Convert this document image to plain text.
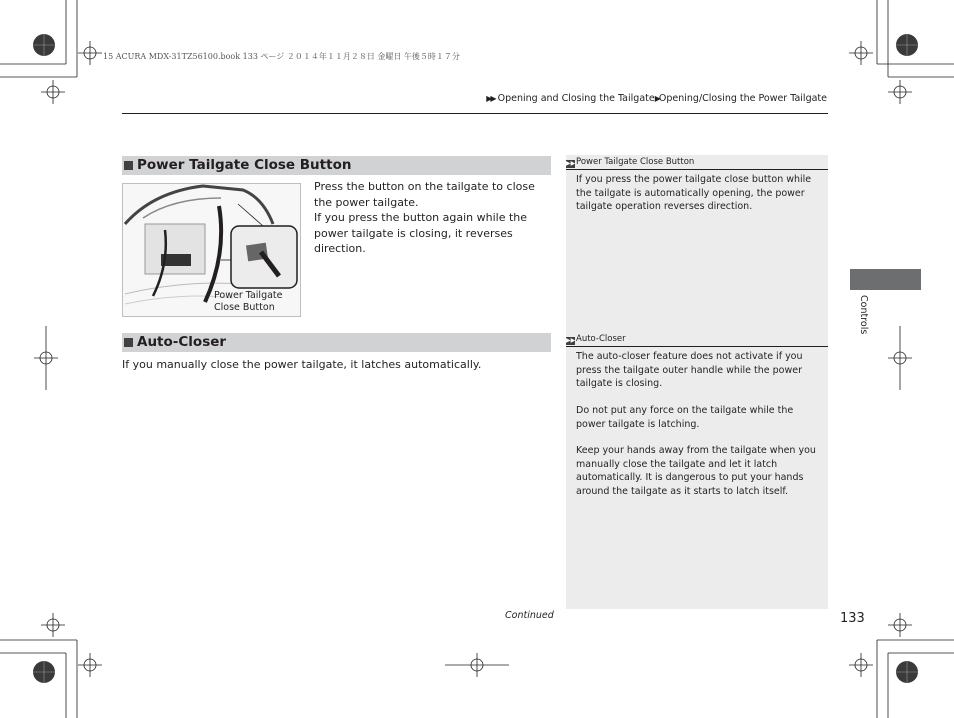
15 ACURA MDX-31TZ56100.book 133 ページ ２０１４年１１月２８日 金曜日 午後５時１７分
▶▶ Opening and Closing the Tailgate▶Opening/Closing the Power Tailgate
Power Tailgate Close Button
Power Tailgate Close Button
Press the button on the tailgate to close the power tailgate.
If you press the button again while the power tailgate is closing, it reverses direction.
Auto-Closer
If you manually close the power tailgate, it latches automatically.
▶▶Power Tailgate Close Button
If you press the power tailgate close button while the tailgate is automatically opening, the power tailgate operation reverses direction.
▶▶Auto-Closer
The auto-closer feature does not activate if you press the tailgate outer handle while the power tailgate is closing.
Do not put any force on the tailgate while the power tailgate is latching.
Keep your hands away from the tailgate when you manually close the tailgate and let it latch automatically. It is dangerous to put your hands around the tailgate as it starts to latch itself.
Controls
Continued	133
